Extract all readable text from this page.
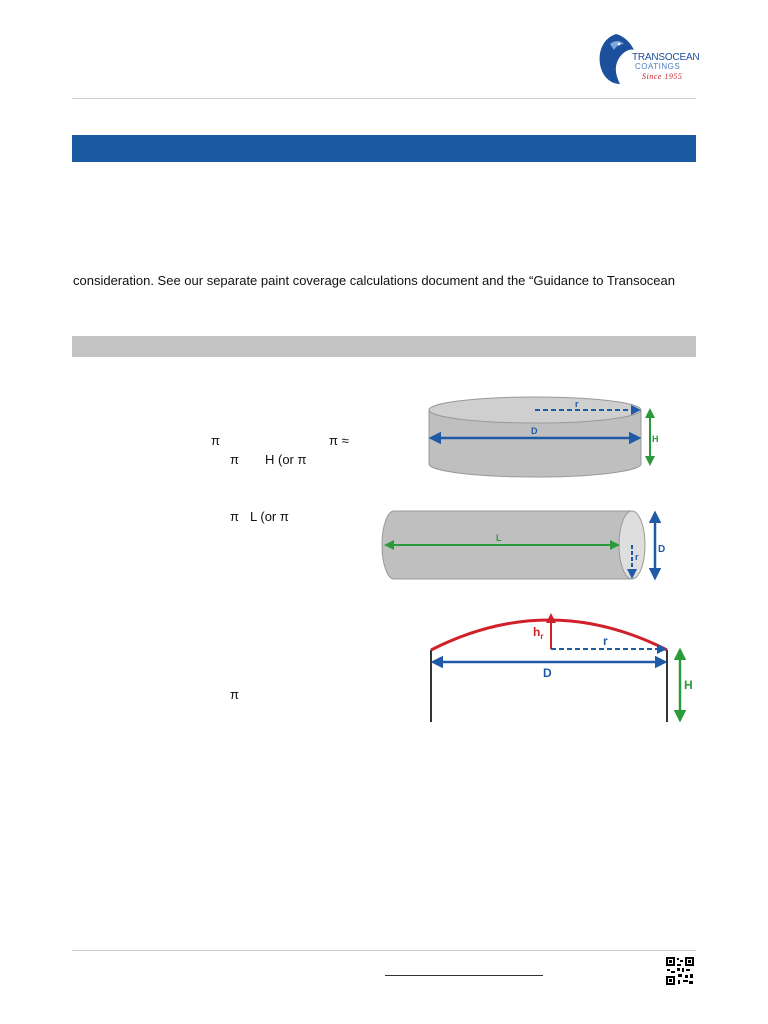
TRANSOCEAN
COATINGS
Since 1955
consideration. See our separate paint coverage calculations document and the “Guidance to Transocean
π	π ≈
π H (or π
π L (or π
π
r
D
H
L
r
D
$h_r$	r
D
H
